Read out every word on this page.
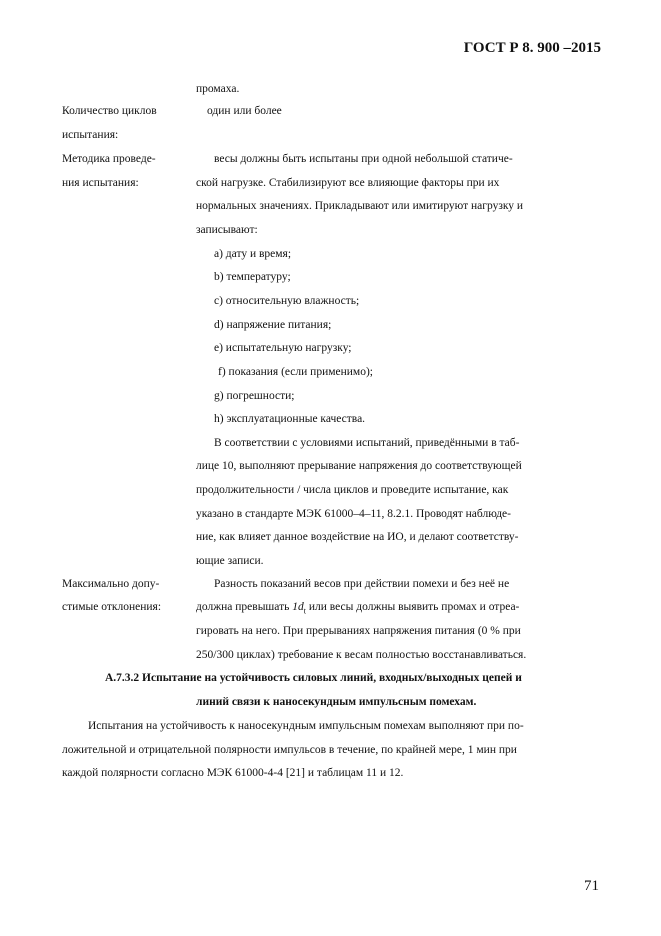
ГОСТ Р 8. 900 –2015
промаха.
Количество циклов
испытания:
один или более
Методика проведе-
ния испытания:
весы должны быть испытаны при одной небольшой статиче-
ской нагрузке. Стабилизируют все влияющие факторы при их
нормальных значениях. Прикладывают или имитируют нагрузку и
записывают:
a) дату и время;
b) температуру;
c) относительную влажность;
d) напряжение питания;
e) испытательную нагрузку;
f) показания (если применимо);
g) погрешности;
h) эксплуатационные качества.
В соответствии с условиями испытаний, приведёнными в таб-
лице 10, выполняют прерывание напряжения до соответствующей
продолжительности / числа циклов и проведите испытание, как
указано в стандарте МЭК 61000–4–11, 8.2.1. Проводят наблюде-
ние, как влияет данное воздействие на ИО, и делают соответству-
ющие записи.
Максимально допу-
стимые отклонения:
Разность показаний весов при действии помехи и без неё не
должна превышать $1d_t$ или весы должны выявить промах и отреа-
гировать на него. При прерываниях напряжения питания (0 % при
250/300 циклах) требование к весам полностью восстанавливаться.
А.7.3.2 Испытание на устойчивость силовых линий, входных/выходных цепей и
линий связи к наносекундным импульсным помехам.
Испытания на устойчивость к наносекундным импульсным помехам выполняют при по-
ложительной и отрицательной полярности импульсов в течение, по крайней мере, 1 мин при
каждой полярности согласно МЭК 61000-4-4 [21] и таблицам 11 и 12.
71
